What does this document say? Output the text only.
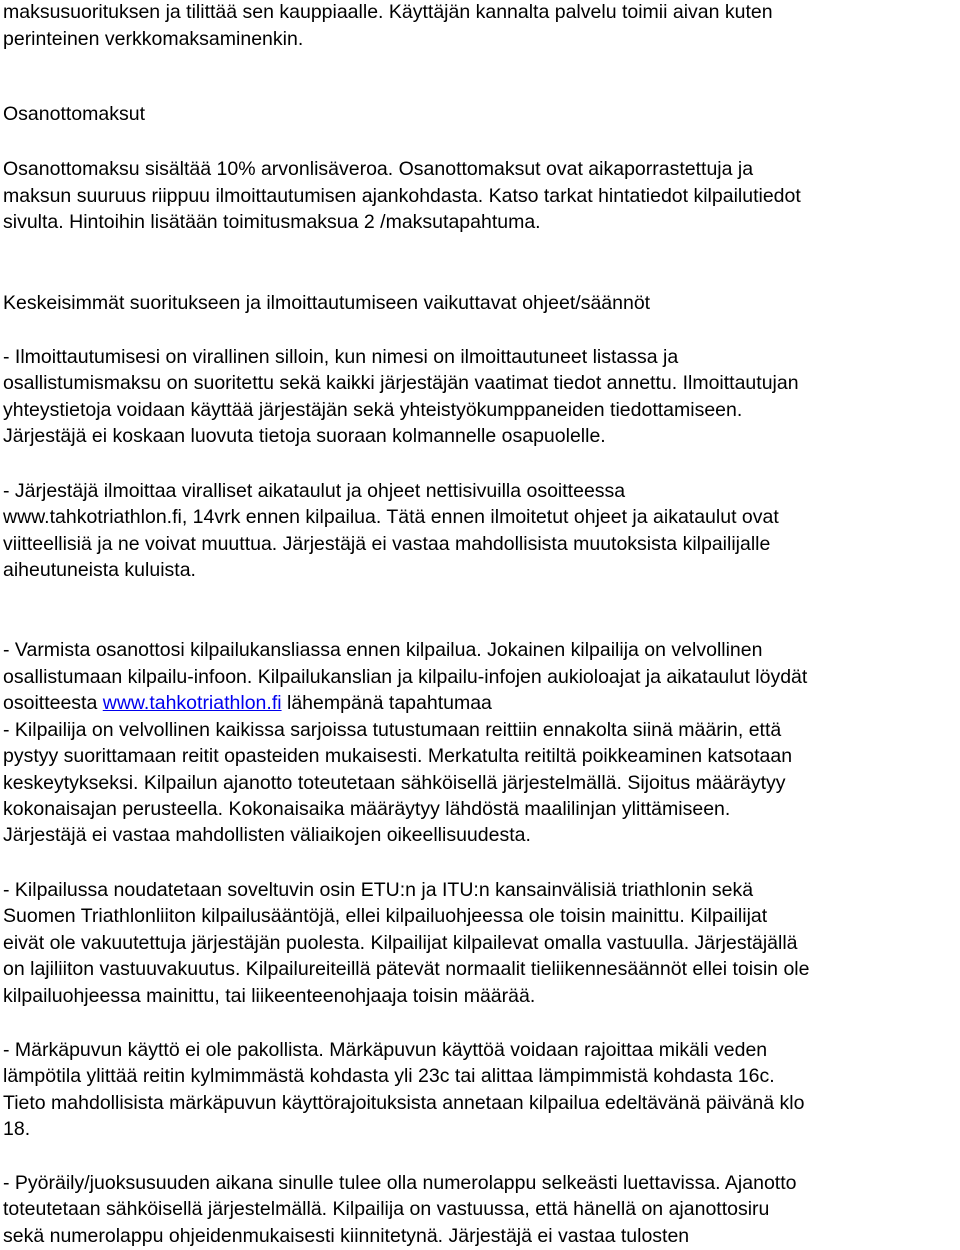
maksusuorituksen ja tilittää sen kauppiaalle. Käyttäjän kannalta palvelu toimii aivan kuten
perinteinen verkkomaksaminenkin.
Osanottomaksut
Osanottomaksu sisältää 10% arvonlisäveroa. Osanottomaksut ovat aikaporrastettuja ja
maksun suuruus riippuu ilmoittautumisen ajankohdasta. Katso tarkat hintatiedot kilpailutiedot
sivulta. Hintoihin lisätään toimitusmaksua 2 /maksutapahtuma.
Keskeisimmät suoritukseen ja ilmoittautumiseen vaikuttavat ohjeet/säännöt
- Ilmoittautumisesi on virallinen silloin, kun nimesi on ilmoittautuneet listassa ja
osallistumismaksu on suoritettu sekä kaikki järjestäjän vaatimat tiedot annettu. Ilmoittautujan
yhteystietoja voidaan käyttää järjestäjän sekä yhteistyökumppaneiden tiedottamiseen.
Järjestäjä ei koskaan luovuta tietoja suoraan kolmannelle osapuolelle.
- Järjestäjä ilmoittaa viralliset aikataulut ja ohjeet nettisivuilla osoitteessa
www.tahkotriathlon.fi, 14vrk ennen kilpailua. Tätä ennen ilmoitetut ohjeet ja aikataulut ovat
viitteellisiä ja ne voivat muuttua. Järjestäjä ei vastaa mahdollisista muutoksista kilpailijalle
aiheutuneista kuluista.
- Varmista osanottosi kilpailukansliassa ennen kilpailua. Jokainen kilpailija on velvollinen
osallistumaan kilpailu-infoon. Kilpailukanslian ja kilpailu-infojen aukioloajat ja aikataulut löydät
osoitteesta www.tahkotriathlon.fi lähempänä tapahtumaa
- Kilpailija on velvollinen kaikissa sarjoissa tutustumaan reittiin ennakolta siinä määrin, että
pystyy suorittamaan reitit opasteiden mukaisesti. Merkatulta reitiltä poikkeaminen katsotaan
keskeytykseksi. Kilpailun ajanotto toteutetaan sähköisellä järjestelmällä. Sijoitus määräytyy
kokonaisajan perusteella. Kokonaisaika määräytyy lähdöstä maalilinjan ylittämiseen.
Järjestäjä ei vastaa mahdollisten väliaikojen oikeellisuudesta.
- Kilpailussa noudatetaan soveltuvin osin ETU:n ja ITU:n kansainvälisiä triathlonin sekä
Suomen Triathlonliiton kilpailusääntöjä, ellei kilpailuohjeessa ole toisin mainittu. Kilpailijat
eivät ole vakuutettuja järjestäjän puolesta. Kilpailijat kilpailevat omalla vastuulla. Järjestäjällä
on lajiliiton vastuuvakuutus. Kilpailureiteillä pätevät normaalit tieliikennesäännöt ellei toisin ole
kilpailuohjeessa mainittu, tai liikeenteenohjaaja toisin määrää.
- Märkäpuvun käyttö ei ole pakollista. Märkäpuvun käyttöä voidaan rajoittaa mikäli veden
lämpötila ylittää reitin kylmimmästä kohdasta yli 23c tai alittaa lämpimmistä kohdasta 16c.
Tieto mahdollisista märkäpuvun käyttörajoituksista annetaan kilpailua edeltävänä päivänä klo
18.
- Pyöräily/juoksusuuden aikana sinulle tulee olla numerolappu selkeästi luettavissa. Ajanotto
toteutetaan sähköisellä järjestelmällä. Kilpailija on vastuussa, että hänellä on ajanottosiru
sekä numerolappu ohjeidenmukaisesti kiinnitetynä. Järjestäjä ei vastaa tulosten
